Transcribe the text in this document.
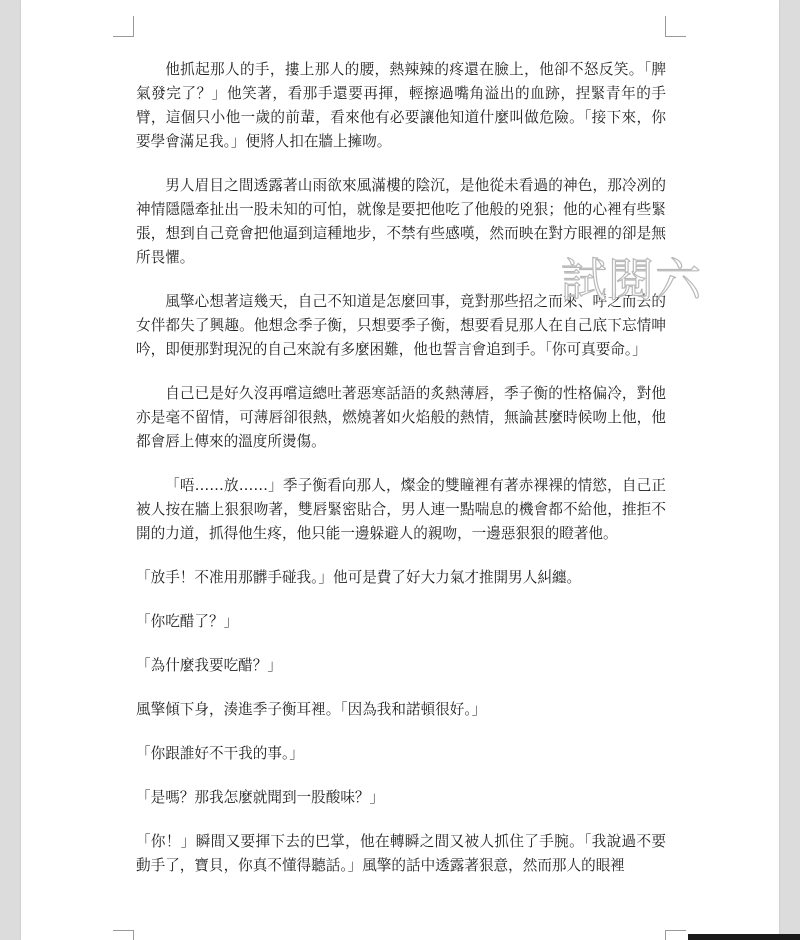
他抓起那人的手，摟上那人的腰，熱辣辣的疼還在臉上，他卻不怒反笑。「脾氣發完了？」他笑著，看那手還要再揮，輕擦過嘴角溢出的血跡，捏緊青年的手臂，這個只小他一歲的前輩，看來他有必要讓他知道什麼叫做危險。「接下來，你要學會滿足我。」便將人扣在牆上擁吻。

男人眉目之間透露著山雨欲來風滿樓的陰沉，是他從未看過的神色，那冷冽的神情隱隱牽扯出一股未知的可怕，就像是要把他吃了他般的兇狠；他的心裡有些緊張，想到自己竟會把他逼到這種地步，不禁有些感嘆，然而映在對方眼裡的卻是無所畏懼。

風擎心想著這幾天，自己不知道是怎麼回事，竟對那些招之而來、呼之而去的女伴都失了興趣。他想念季子衡，只想要季子衡，想要看見那人在自己底下忘情呻吟，即便那對現況的自己來說有多麼困難，他也誓言會追到手。「你可真要命。」

自己已是好久沒再嚐這總吐著惡寒話語的炙熱薄唇，季子衡的性格偏冷，對他亦是毫不留情，可薄唇卻很熱，燃燒著如火焰般的熱情，無論甚麼時候吻上他，他都會唇上傳來的溫度所燙傷。

「唔……放……」季子衡看向那人，燦金的雙瞳裡有著赤裸裸的情慾，自己正被人按在牆上狠狠吻著，雙唇緊密貼合，男人連一點喘息的機會都不給他，推拒不開的力道，抓得他生疼，他只能一邊躲避人的親吻，一邊惡狠狠的瞪著他。

「放手！不准用那髒手碰我。」他可是費了好大力氣才推開男人糾纏。

「你吃醋了？」

「為什麼我要吃醋？」

風擎傾下身，湊進季子衡耳裡。「因為我和諾頓很好。」

「你跟誰好不干我的事。」

「是嗎？那我怎麼就聞到一股酸味？」

「你！」瞬間又要揮下去的巴掌，他在轉瞬之間又被人抓住了手腕。「我說過不要動手了，寶貝，你真不懂得聽話。」風擎的話中透露著狠意，然而那人的眼裡

試閱六
